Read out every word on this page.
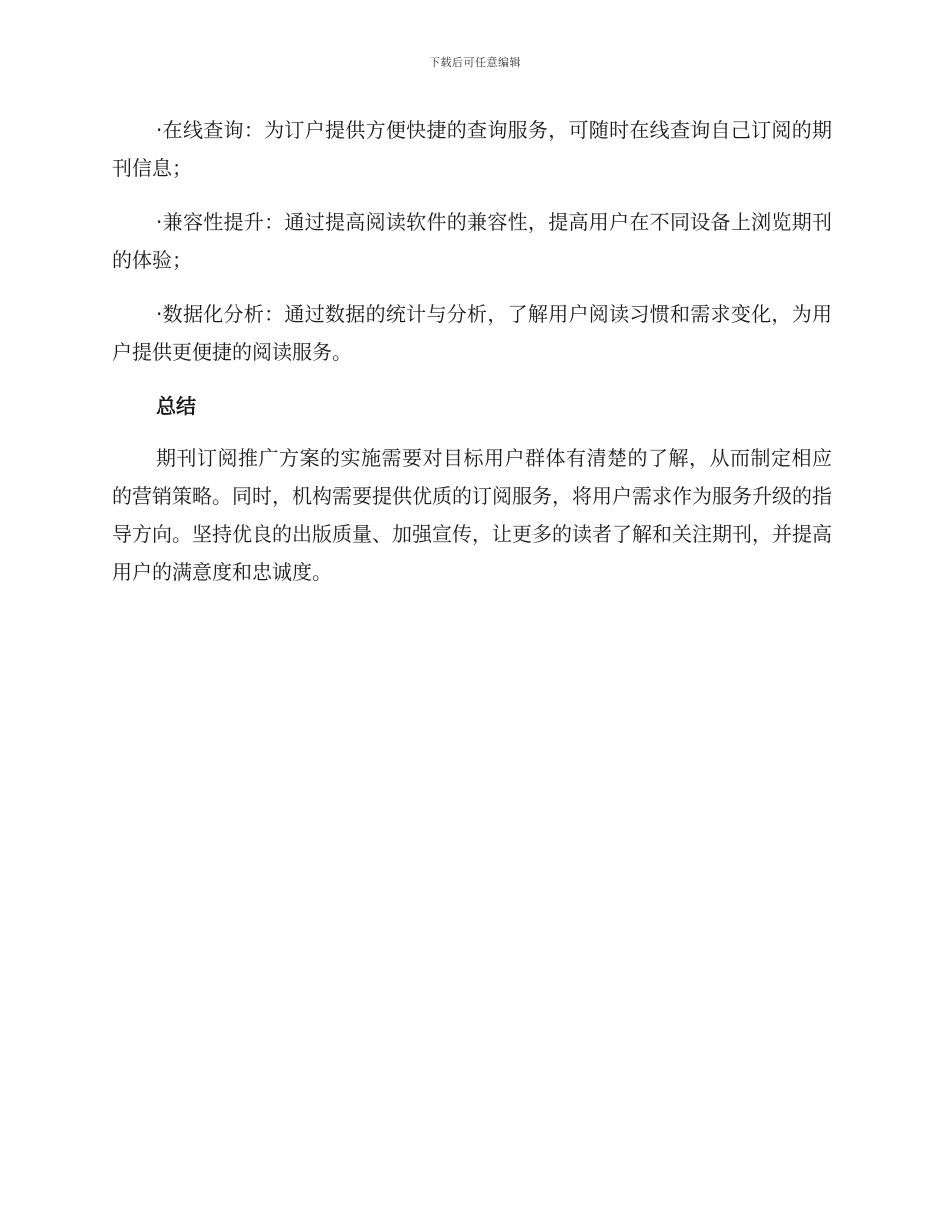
下载后可任意编辑

·在线查询：为订户提供方便快捷的查询服务，可随时在线查询自己订阅的期刊信息；

·兼容性提升：通过提高阅读软件的兼容性，提高用户在不同设备上浏览期刊的体验；

·数据化分析：通过数据的统计与分析，了解用户阅读习惯和需求变化，为用户提供更便捷的阅读服务。

总结

期刊订阅推广方案的实施需要对目标用户群体有清楚的了解，从而制定相应的营销策略。同时，机构需要提供优质的订阅服务，将用户需求作为服务升级的指导方向。坚持优良的出版质量、加强宣传，让更多的读者了解和关注期刊，并提高用户的满意度和忠诚度。
